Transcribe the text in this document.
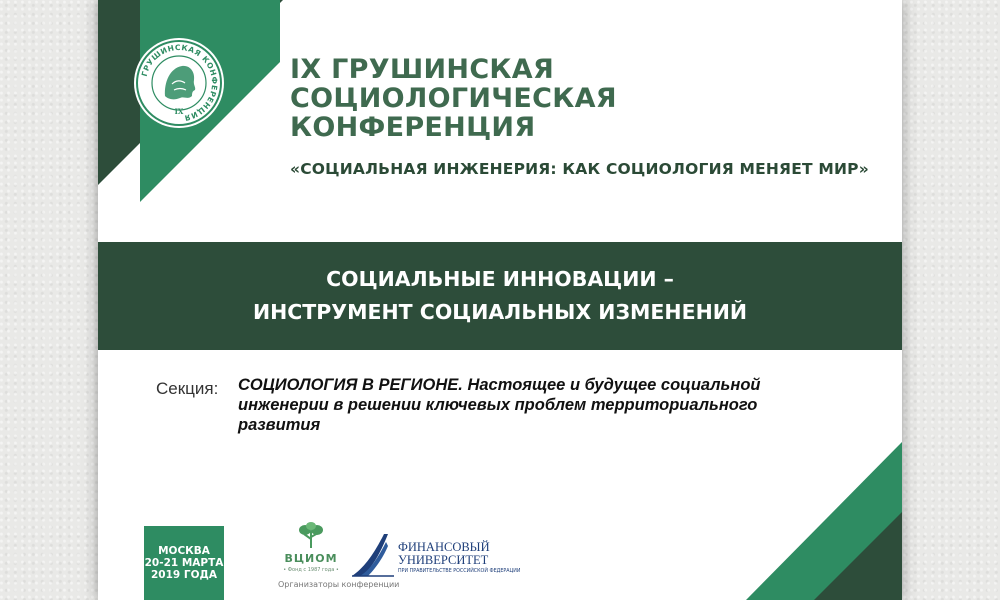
ГРУШИНСКАЯ КОНФЕРЕНЦИЯ
IX
IX ГРУШИНСКАЯ
СОЦИОЛОГИЧЕСКАЯ
КОНФЕРЕНЦИЯ
«СОЦИАЛЬНАЯ ИНЖЕНЕРИЯ: КАК СОЦИОЛОГИЯ МЕНЯЕТ МИР»
СОЦИАЛЬНЫЕ ИННОВАЦИИ –
ИНСТРУМЕНТ СОЦИАЛЬНЫХ ИЗМЕНЕНИЙ
Секция: СОЦИОЛОГИЯ В РЕГИОНЕ. Настоящее и будущее социальной инженерии в решении ключевых проблем территориального развития
МОСКВА
20-21 МАРТА
2019 ГОДА
ВЦИОМ
• Фонд с 1987 года •
Организаторы конференции
ФИНАНСОВЫЙ
УНИВЕРСИТЕТ
ПРИ ПРАВИТЕЛЬСТВЕ РОССИЙСКОЙ ФЕДЕРАЦИИ
